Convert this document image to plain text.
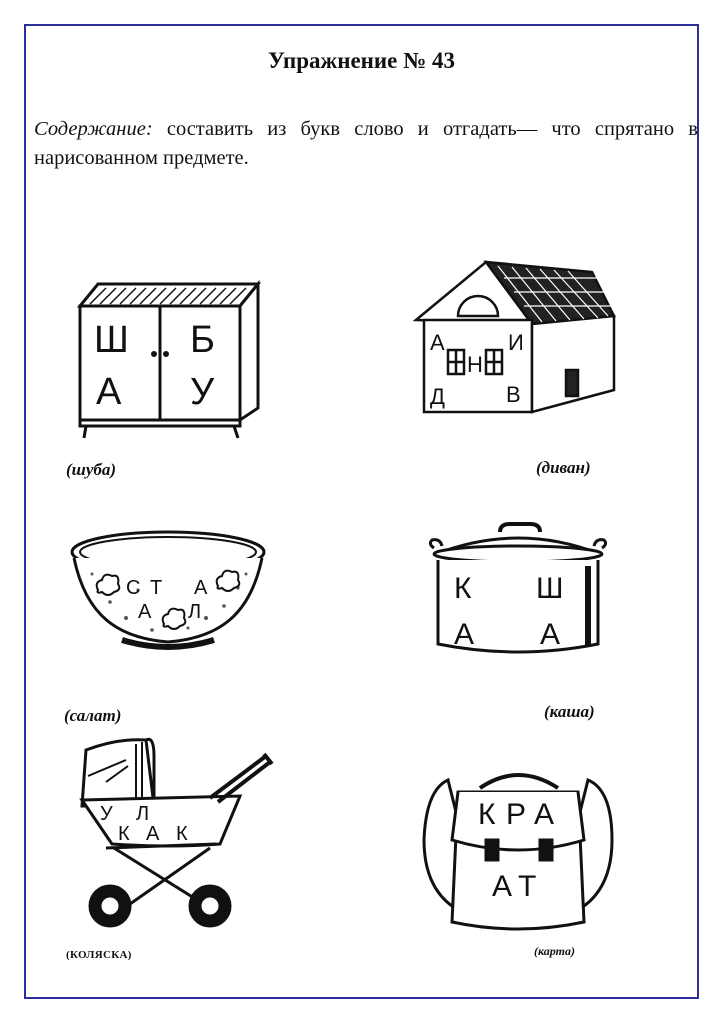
Упражнение № 43
Содержание: составить из букв слово и отгадать— что спрятано в нарисованном предмете.
Ш Б
А У
(шуба)
А	И
Н
Д	В
(диван)
С Т А
А Л
(салат)
К Ш
А А
(каша)
У Л
К А К
(КОЛЯСКА)
К Р А
А Т
(карта)
